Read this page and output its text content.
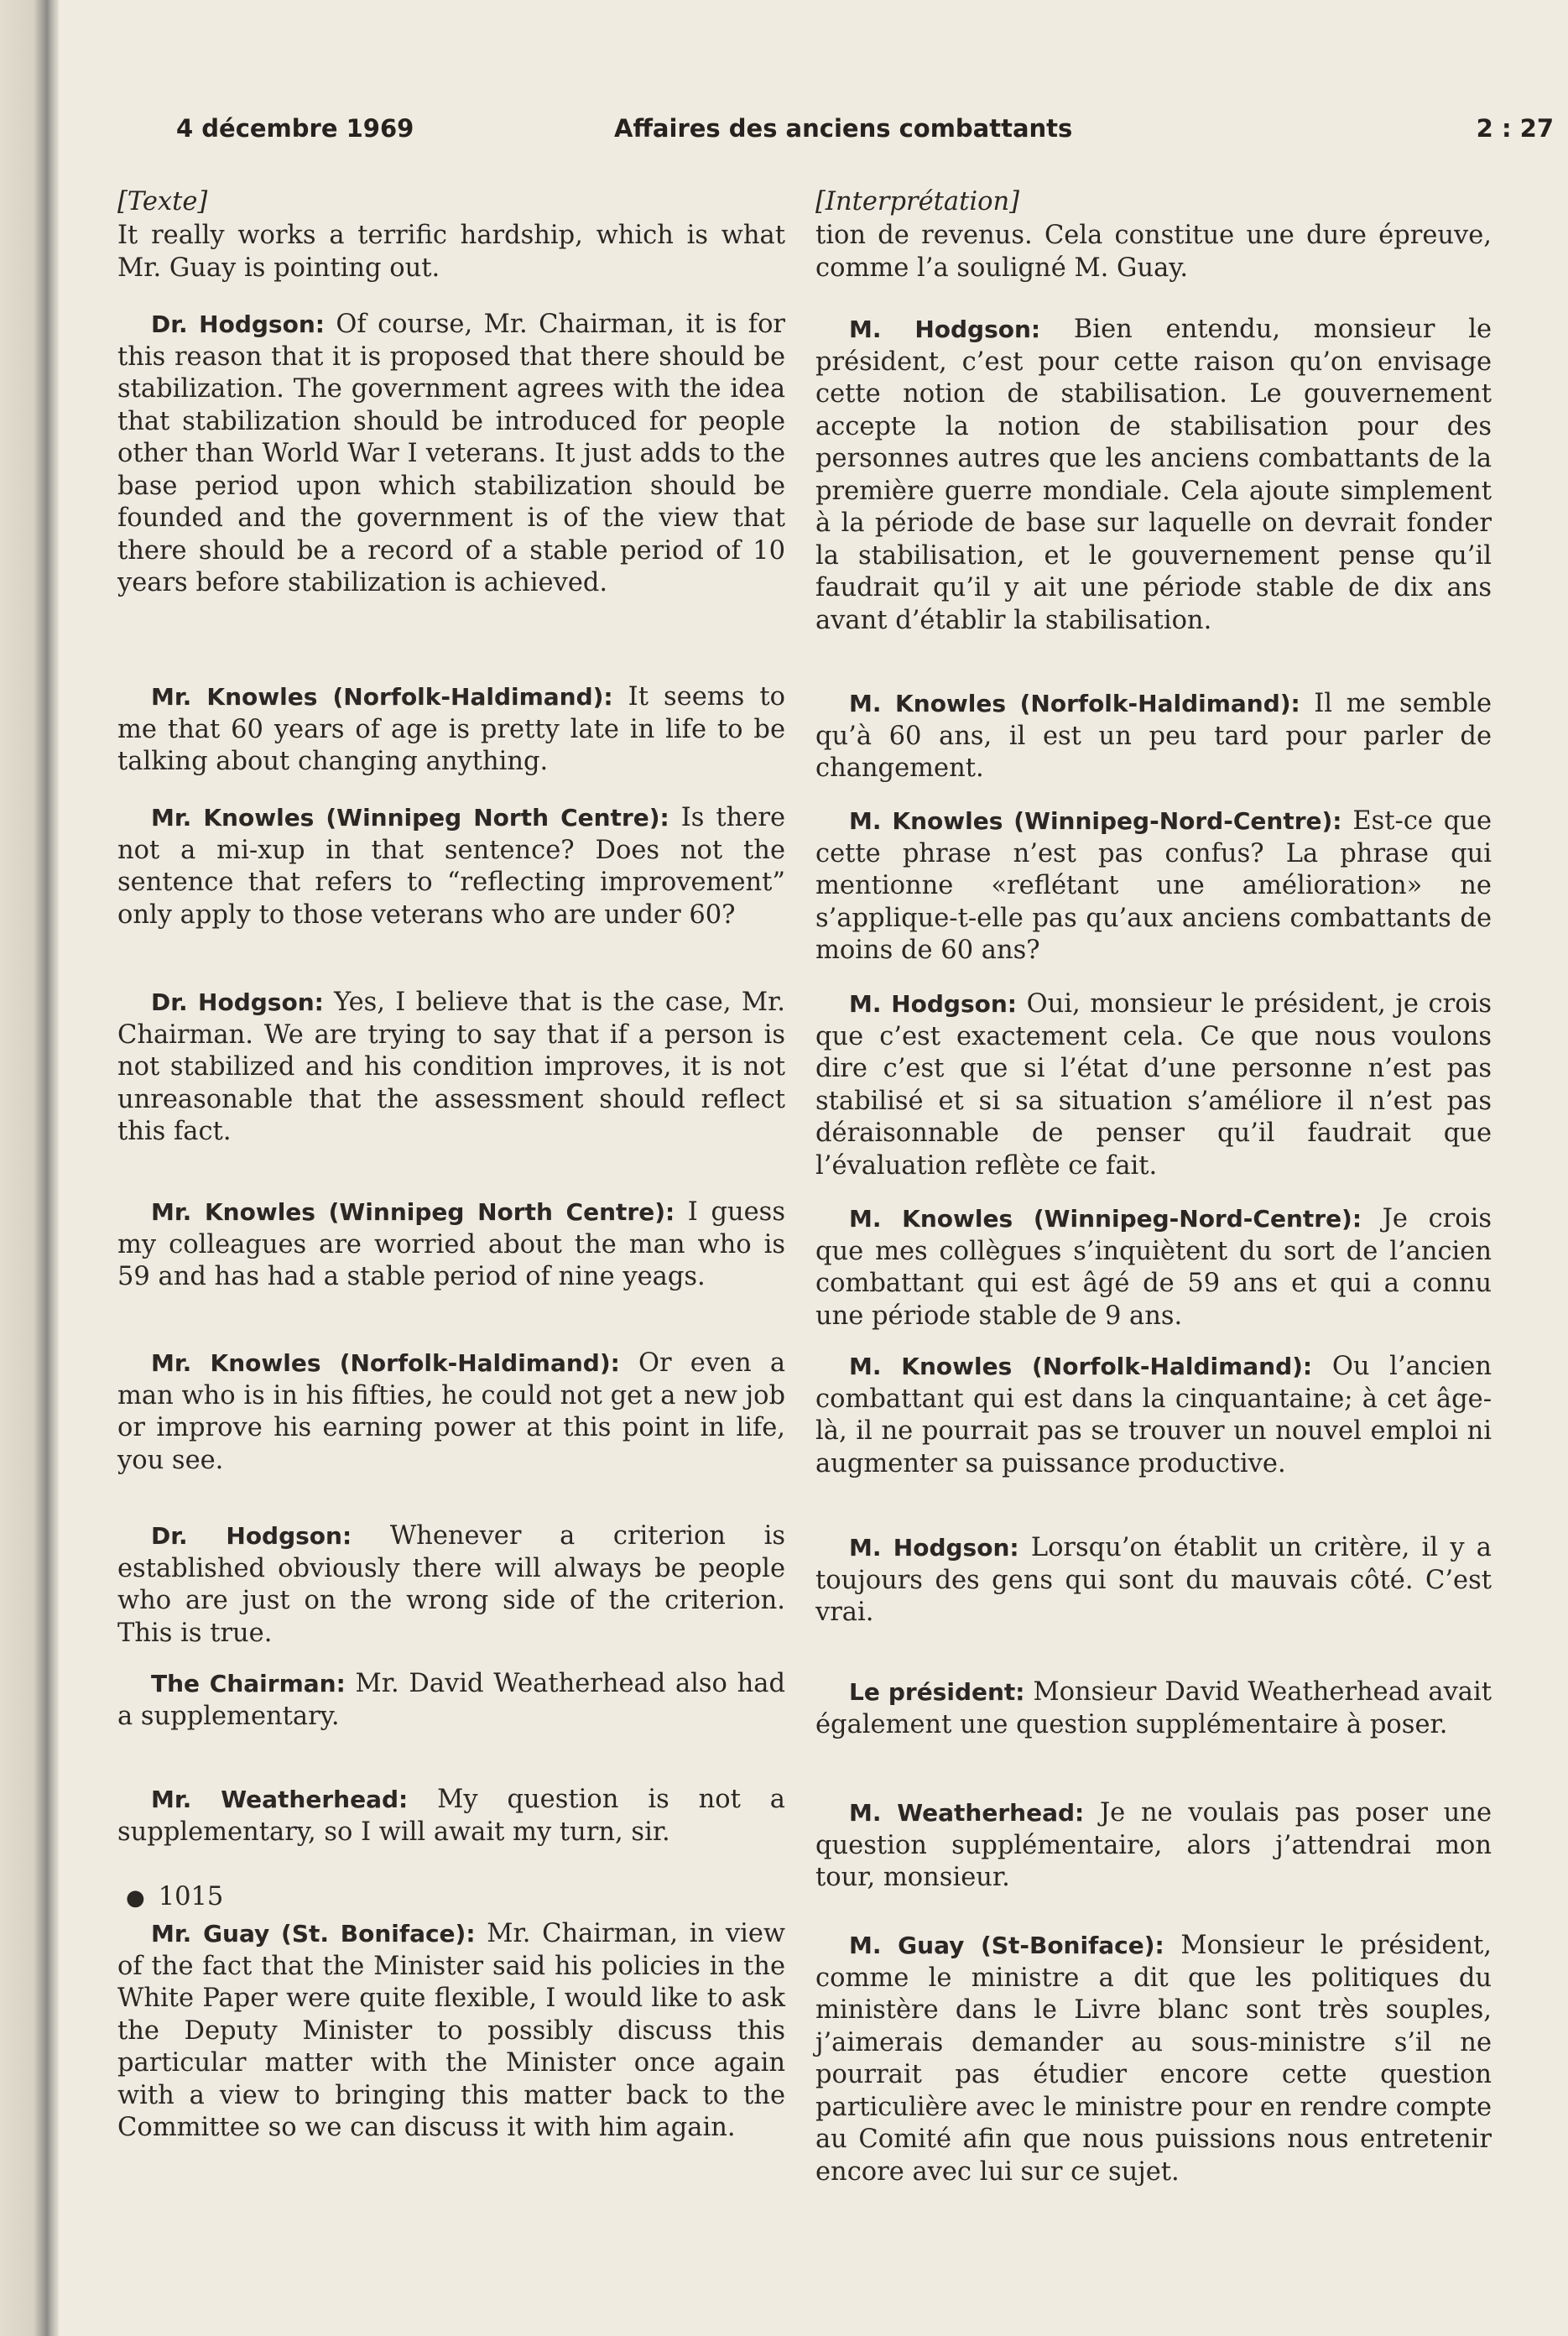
4 décembre 1969	Affaires des anciens combattants	2 : 27

[Texte]

It really works a terrific hardship, which is what Mr. Guay is pointing out.

Dr. Hodgson: Of course, Mr. Chairman, it is for this reason that it is proposed that there should be stabilization. The government agrees with the idea that stabilization should be introduced for people other than World War I veterans. It just adds to the base period upon which stabilization should be founded and the government is of the view that there should be a record of a stable period of 10 years before stabilization is achieved.

Mr. Knowles (Norfolk-Haldimand): It seems to me that 60 years of age is pretty late in life to be talking about changing anything.

Mr. Knowles (Winnipeg North Centre): Is there not a mi-xup in that sentence? Does not the sentence that refers to “reflecting improvement” only apply to those veterans who are under 60?

Dr. Hodgson: Yes, I believe that is the case, Mr. Chairman. We are trying to say that if a person is not stabilized and his condition improves, it is not unreasonable that the assessment should reflect this fact.

Mr. Knowles (Winnipeg North Centre): I guess my colleagues are worried about the man who is 59 and has had a stable period of nine yeags.

Mr. Knowles (Norfolk-Haldimand): Or even a man who is in his fifties, he could not get a new job or improve his earning power at this point in life, you see.

Dr. Hodgson: Whenever a criterion is established obviously there will always be people who are just on the wrong side of the criterion. This is true.

The Chairman: Mr. David Weatherhead also had a supplementary.

Mr. Weatherhead: My question is not a supplementary, so I will await my turn, sir.

● 1015

Mr. Guay (St. Boniface): Mr. Chairman, in view of the fact that the Minister said his policies in the White Paper were quite flexible, I would like to ask the Deputy Minister to possibly discuss this particular matter with the Minister once again with a view to bringing this matter back to the Committee so we can discuss it with him again.

[Interprétation]

tion de revenus. Cela constitue une dure épreuve, comme l’a souligné M. Guay.

M. Hodgson: Bien entendu, monsieur le président, c’est pour cette raison qu’on envisage cette notion de stabilisation. Le gouvernement accepte la notion de stabilisation pour des personnes autres que les anciens combattants de la première guerre mondiale. Cela ajoute simplement à la période de base sur laquelle on devrait fonder la stabilisation, et le gouvernement pense qu’il faudrait qu’il y ait une période stable de dix ans avant d’établir la stabilisation.

M. Knowles (Norfolk-Haldimand): Il me semble qu’à 60 ans, il est un peu tard pour parler de changement.

M. Knowles (Winnipeg-Nord-Centre): Est-ce que cette phrase n’est pas confus? La phrase qui mentionne «reflétant une amélioration» ne s’applique-t-elle pas qu’aux anciens combattants de moins de 60 ans?

M. Hodgson: Oui, monsieur le président, je crois que c’est exactement cela. Ce que nous voulons dire c’est que si l’état d’une personne n’est pas stabilisé et si sa situation s’améliore il n’est pas déraisonnable de penser qu’il faudrait que l’évaluation reflète ce fait.

M. Knowles (Winnipeg-Nord-Centre): Je crois que mes collègues s’inquiètent du sort de l’ancien combattant qui est âgé de 59 ans et qui a connu une période stable de 9 ans.

M. Knowles (Norfolk-Haldimand): Ou l’ancien combattant qui est dans la cinquantaine; à cet âge-là, il ne pourrait pas se trouver un nouvel emploi ni augmenter sa puissance productive.

M. Hodgson: Lorsqu’on établit un critère, il y a toujours des gens qui sont du mauvais côté. C’est vrai.

Le président: Monsieur David Weatherhead avait également une question supplémentaire à poser.

M. Weatherhead: Je ne voulais pas poser une question supplémentaire, alors j’attendrai mon tour, monsieur.

M. Guay (St-Boniface): Monsieur le président, comme le ministre a dit que les politiques du ministère dans le Livre blanc sont très souples, j’aimerais demander au sous-ministre s’il ne pourrait pas étudier encore cette question particulière avec le ministre pour en rendre compte au Comité afin que nous puissions nous entretenir encore avec lui sur ce sujet.
